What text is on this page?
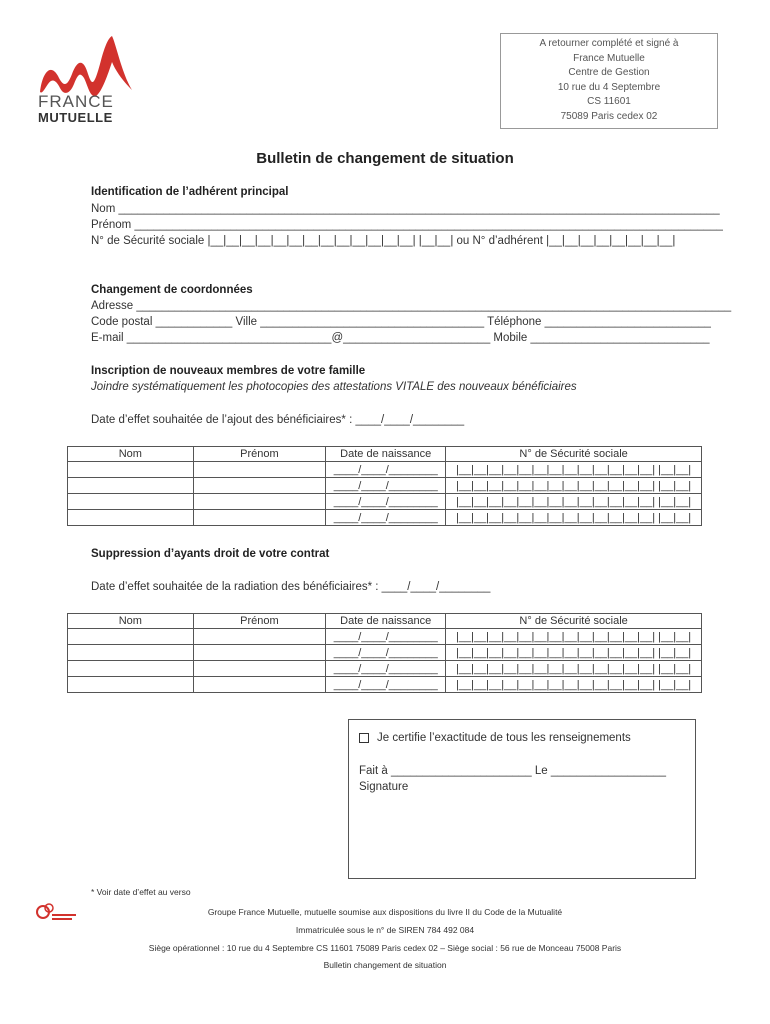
FRANCE
MUTUELLE
A retourner complété et signé à
France Mutuelle
Centre de Gestion
10 rue du 4 Septembre
CS 11601
75089 Paris cedex 02
Bulletin de changement de situation
Identification de l’adhérent principal
Nom ______________________________________________________________________________________________
Prénom ____________________________________________________________________________________________
N° de Sécurité sociale |__|__|__|__|__|__|__|__|__|__|__|__|__| |__|__| ou N° d’adhérent |__|__|__|__|__|__|__|__|
Changement de coordonnées
Adresse _____________________________________________________________________________________________
Code postal ____________ Ville ___________________________________ Téléphone __________________________
E-mail ________________________________@_______________________ Mobile ____________________________
Inscription de nouveaux membres de votre famille
Joindre systématiquement les photocopies des attestations VITALE des nouveaux bénéficiaires
Date d’effet souhaitée de l’ajout des bénéficiaires* : ____/____/________
Nom	Prénom	Date de naissance	N° de Sécurité sociale
		____/____/________	|__|__|__|__|__|__|__|__|__|__|__|__|__| |__|__|
		____/____/________	|__|__|__|__|__|__|__|__|__|__|__|__|__| |__|__|
		____/____/________	|__|__|__|__|__|__|__|__|__|__|__|__|__| |__|__|
		____/____/________	|__|__|__|__|__|__|__|__|__|__|__|__|__| |__|__|
Suppression d’ayants droit de votre contrat
Date d’effet souhaitée de la radiation des bénéficiaires* : ____/____/________
Nom	Prénom	Date de naissance	N° de Sécurité sociale
		____/____/________	|__|__|__|__|__|__|__|__|__|__|__|__|__| |__|__|
		____/____/________	|__|__|__|__|__|__|__|__|__|__|__|__|__| |__|__|
		____/____/________	|__|__|__|__|__|__|__|__|__|__|__|__|__| |__|__|
		____/____/________	|__|__|__|__|__|__|__|__|__|__|__|__|__| |__|__|
Je certifie l’exactitude de tous les renseignements
Fait à ______________________ Le __________________
Signature
* Voir date d’effet au verso
Groupe France Mutuelle, mutuelle soumise aux dispositions du livre II du Code de la Mutualité
Immatriculée sous le n° de SIREN 784 492 084
Siège opérationnel : 10 rue du 4 Septembre CS 11601 75089 Paris cedex 02 – Siège social : 56 rue de Monceau 75008 Paris
Bulletin changement de situation
